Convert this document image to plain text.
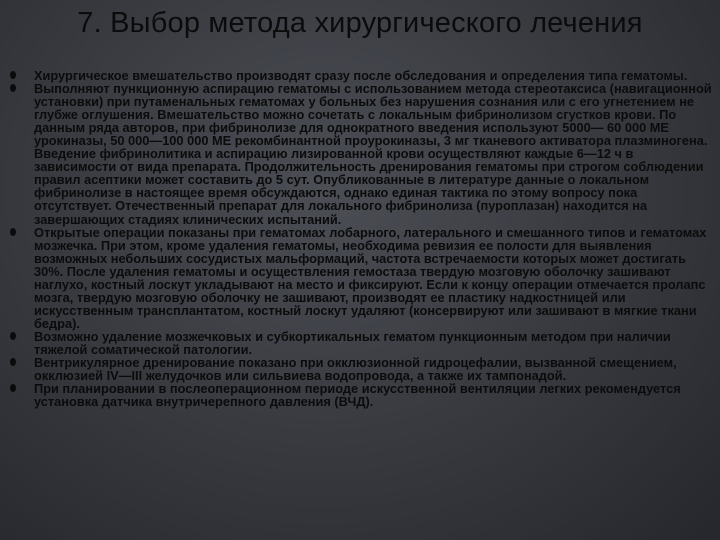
7. Выбор метода хирургического лечения
Хирургическое вмешательство производят сразу после обследования и определения типа гематомы.
Выполняют пункционную аспирацию гематомы с использованием метода стереотаксиса (навигационной установки) при путаменальных гематомах у больных без нарушения сознания или с его угнетением не глубже оглушения. Вмешательство можно сочетать с локальным фибринолизом сгустков крови. По данным ряда авторов, при фибринолизе для однократного введения используют 5000— 60 000 МЕ урокиназы, 50 000—100 000 МЕ рекомбинантной проурокиназы, 3 мг тканевого активатора плазминогена. Введение фибринолитика и аспирацию лизированной крови осуществляют каждые 6—12 ч в зависимости от вида препарата. Продолжительность дренирования гематомы при строгом соблюдении правил асептики может составить до 5 сут. Опубликованные в литературе данные о локальном фибринолизе в настоящее время обсуждаются, однако единая тактика по этому вопросу пока отсутствует. Отечественный препарат для локального фибринолиза (пуроплазан) находится на завершающих стадиях клинических испытаний.
Открытые операции показаны при гематомах лобарного, латерального и смешанного типов и гематомах мозжечка. При этом, кроме удаления гематомы, необходима ревизия ее полости для выявления возможных небольших сосудистых мальформаций, частота встречаемости которых может достигать 30%. После удаления гематомы и осуществления гемостаза твердую мозговую оболочку зашивают наглухо, костный лоскут укладывают на место и фиксируют. Если к концу операции отмечается пролапс мозга, твердую мозговую оболочку не зашивают, производят ее пластику надкостницей или искусственным трансплантатом, костный лоскут удаляют (консервируют или зашивают в мягкие ткани бедра).
Возможно удаление мозжечковых и субкортикальных гематом пункционным методом при наличии тяжелой соматической патологии.
Вентрикулярное дренирование показано при окклюзионной гидроцефалии, вызванной смещением, окклюзией IV—III желудочков или сильвиева водопровода, а также их тампонадой.
При планировании в послеоперационном периоде искусственной вентиляции легких рекомендуется установка датчика внутричерепного давления (ВЧД).
